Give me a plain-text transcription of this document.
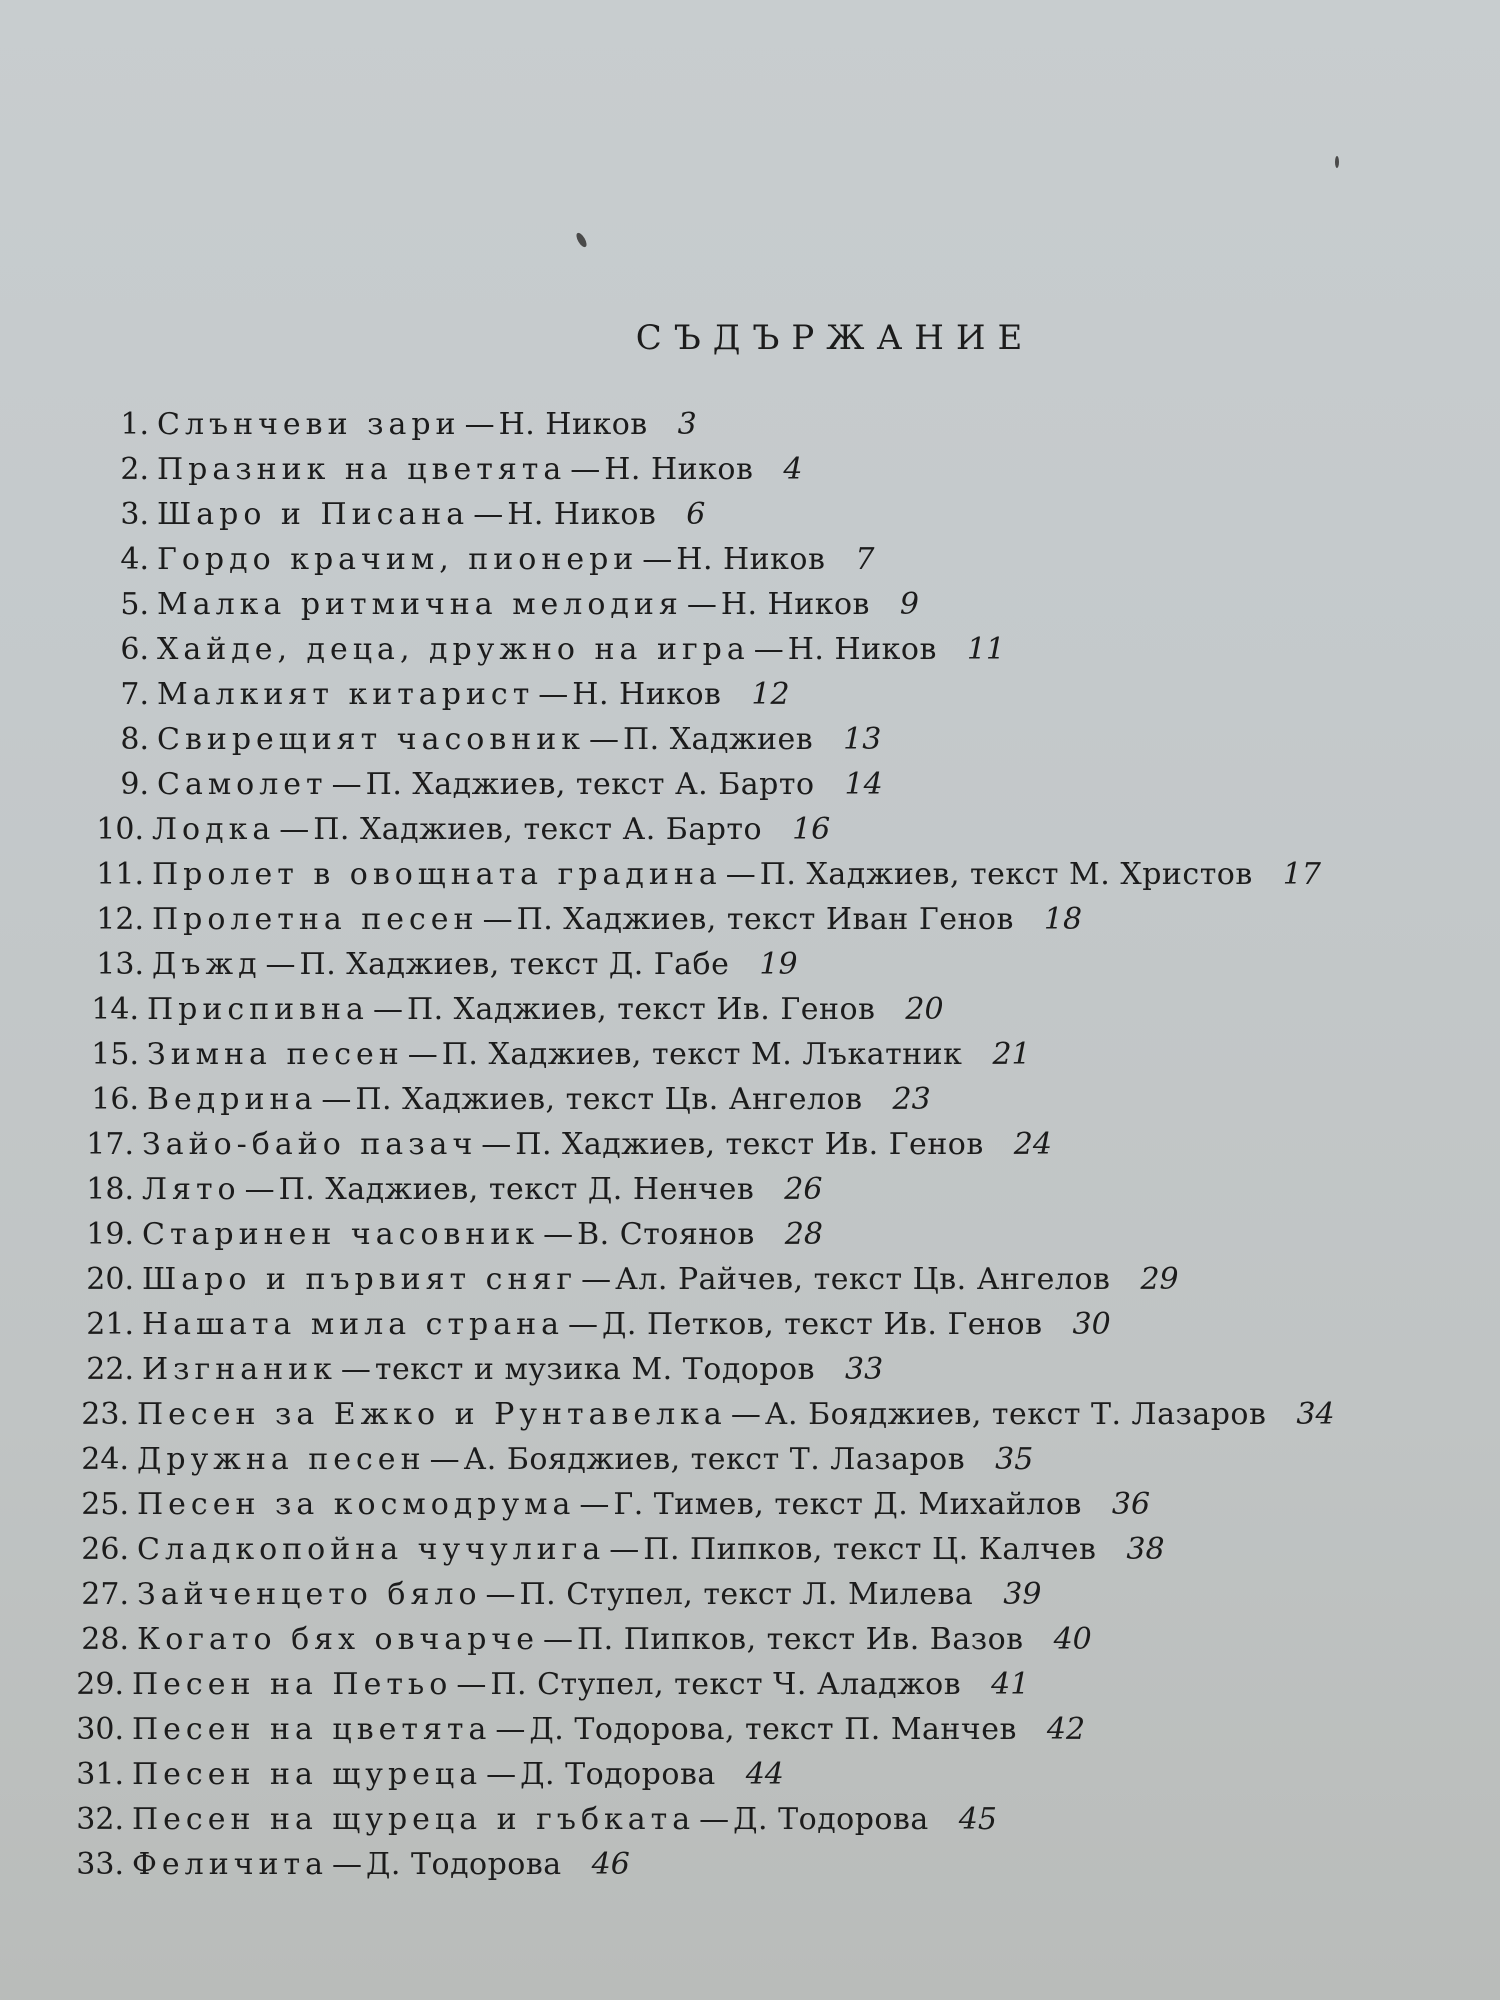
СЪДЪРЖАНИЕ
1. Слънчеви зари — Н. Ников 3
2. Празник на цветята — Н. Ников 4
3. Шаро и Писана — Н. Ников 6
4. Гордо крачим, пионери — Н. Ников 7
5. Малка ритмична мелодия — Н. Ников 9
6. Хайде, деца, дружно на игра — Н. Ников 11
7. Малкият китарист — Н. Ников 12
8. Свирещият часовник — П. Хаджиев 13
9. Самолет — П. Хаджиев, текст А. Барто 14
10. Лодка — П. Хаджиев, текст А. Барто 16
11. Пролет в овощната градина — П. Хаджиев, текст М. Христов 17
12. Пролетна песен — П. Хаджиев, текст Иван Генов 18
13. Дъжд — П. Хаджиев, текст Д. Габе 19
14. Приспивна — П. Хаджиев, текст Ив. Генов 20
15. Зимна песен — П. Хаджиев, текст М. Лъкатник 21
16. Ведрина — П. Хаджиев, текст Цв. Ангелов 23
17. Зайо-байо пазач — П. Хаджиев, текст Ив. Генов 24
18. Лято — П. Хаджиев, текст Д. Ненчев 26
19. Старинен часовник — В. Стоянов 28
20. Шаро и първият сняг — Ал. Райчев, текст Цв. Ангелов 29
21. Нашата мила страна — Д. Петков, текст Ив. Генов 30
22. Изгнаник — текст и музика М. Тодоров 33
23. Песен за Ежко и Рунтавелка — А. Бояджиев, текст Т. Лазаров 34
24. Дружна песен — А. Бояджиев, текст Т. Лазаров 35
25. Песен за космодрума — Г. Тимев, текст Д. Михайлов 36
26. Сладкопойна чучулига — П. Пипков, текст Ц. Калчев 38
27. Зайченцето бяло — П. Ступел, текст Л. Милева 39
28. Когато бях овчарче — П. Пипков, текст Ив. Вазов 40
29. Песен на Петьо — П. Ступел, текст Ч. Аладжов 41
30. Песен на цветята — Д. Тодорова, текст П. Манчев 42
31. Песен на щуреца — Д. Тодорова 44
32. Песен на щуреца и гъбката — Д. Тодорова 45
33. Феличита — Д. Тодорова 46
